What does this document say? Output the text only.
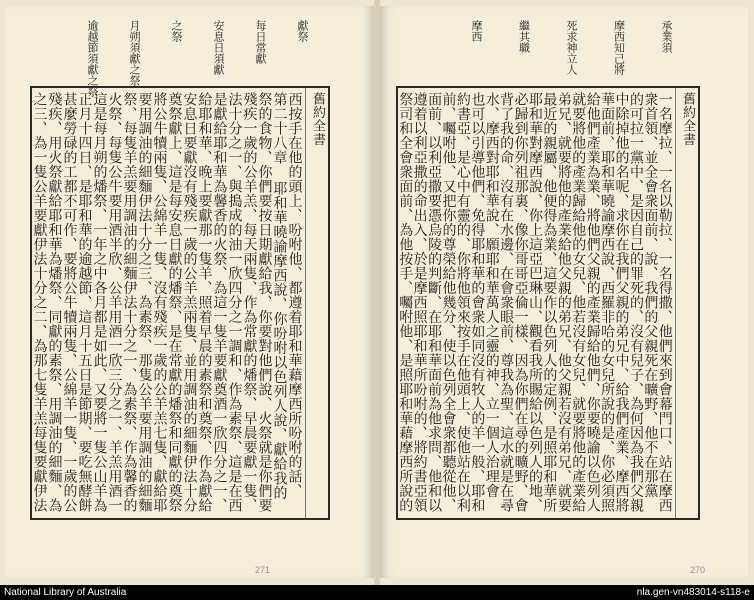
獻祭
每日常獻
安息日須獻
之祭
月朔須獻之祭
逾越節須獻之祭
舊約全書
西按手在他的頭上、吩咐他、都遵着耶和華藉摩西所吩咐的話、
第二十八章 耶和華曉諭摩西說、你吩咐以色列人說、獻給我的
祭的食物、你們要按日期獻給我、你要對他們說、火祭就是你們要
殘疾一歲的公羊羔、每天兩隻、作為常獻的燔祭、早晨要獻一隻、
法十分之一、與搗成的油一欣四分之一調和、作為素祭、這是在西
是獻給耶和華為馨香的火祭、為這一隻羊要獻奠酒一欣四分之一、
給耶和華、晚上要獻那一隻羊、照着早晨的素祭和奠祭、作為獻給
安息日要獻沒有殘疾一歲的公羊羔兩隻、並用調油的細麵伊法十分
奠祭獻上、這是每安息日獻的燔祭、是在常獻的燔祭和同獻的奠祭
將公牛犢兩隻、公綿羊一隻、沒有殘疾一歲的公羊羔七隻、獻給耶
要用調油的細麵伊法十分之三、為素祭、那隻公羊要用調油的細麵
祭、每隻羊羔要用調油的細麵伊法十分之一、為素祭、作為馨香的
火祭、每隻公牛要用酒半欣、公羊用酒一欣三分之一、羊羔用酒一
這是每月朔的燔祭、一年之中各月都是如此、又要將一隻公山羊為
正月十四日、是耶和華的逾越節、這月十五日是節期、要吃無酵餅
甚麼勞碌的工都不可作、要將公牛犢兩隻、公綿羊一隻、一歲的公
殘疾、用火祭獻給耶和華為燔祭、同獻的素祭、用調油的細麵、為
之三、為一隻公羊要獻伊法十分之二、為那七隻羊羔每隻要獻伊法
承業須
摩西知己將
死求神立人
繼其職
摩西
舊約全書
一名摩拉、一名以勒拉、一名得撒、他們來到會幕門口、站在摩西
衆首領、並全會衆面前、說、我們的父親死在曠野、他不在那黨
的可拉一黨中、是因自己的罪死的、沒有兒子、為何因為我們父親
中除掉他的名呢、求你在我們父親的弟兄中、給我們產業、摩西將
華面前、耶和華曉諭摩西說、西羅非哈的女兒所說的是、你必須照
給他們產業為業、將他們父親的產業歸給他們、你要曉諭以色列人
就要將他的產業歸給他的女兒、他若沒有女兒、就要將他的產業給
弟兄、就要將他的產業給他父親的弟兄、他父親若沒有弟兄、就要
最近的親屬、他便得為業、這要作以色列人的定例、是照耶和華所
耶和華對摩西說、你上這亞巴琳山、觀看我所賜給以色列人的地、
必歸到你列祖那裏、像你哥哥亞倫一樣、因為你們在尋的曠野、會
背了我的命、沒有在水邊、在會衆眼前、尊我為聖、這水就是在尋
水、摩西對耶和華說、願耶和華萬人之靈的神、立一個人治理會
也可以引導他們、免得耶和華的會衆如同沒有牧人的羊一般、耶和
約書亞、是心中有靈的、你將他領來按手在他頭上、使他站在以利
前、囑咐他、又把你的尊榮給他幾分、使以色列全會衆都聽從他、
面前、以利亞撒要憑烏陵的判斷、在耶和華面前為他求問、他和以
遵着以利亞撒的命出入、於是摩西照耶和華所吩咐的、將約書亞領
祭司和全會衆面前、為他按手、囑咐他、是照耶和華藉摩西所說的
271	270
National Library of Australia	nla.gen-vn483014-s118-e
